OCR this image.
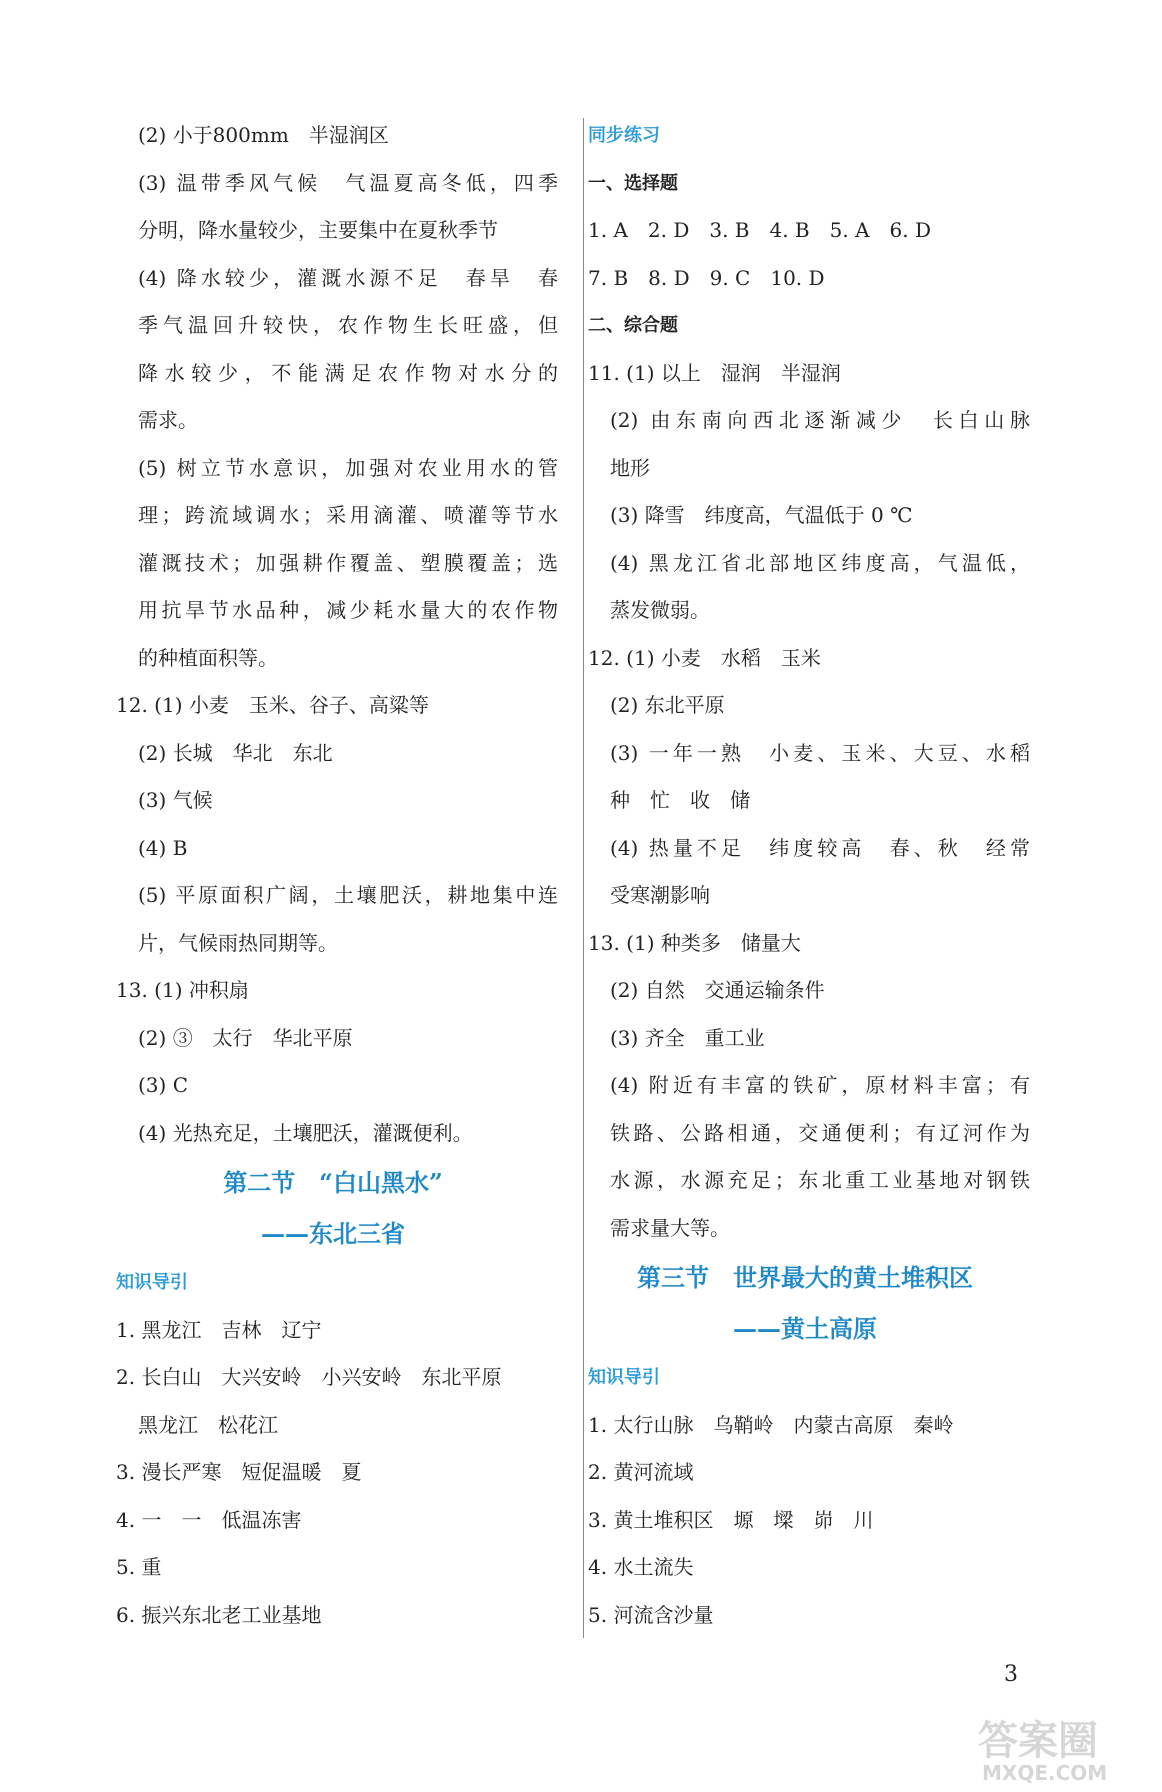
(2) 小于800mm　半湿润区
(3) 温带季风气候　气温夏高冬低，四季
分明，降水量较少，主要集中在夏秋季节
(4) 降水较少，灌溉水源不足　春旱　春
季气温回升较快，农作物生长旺盛，但
降水较少，不能满足农作物对水分的
需求。
(5) 树立节水意识，加强对农业用水的管
理；跨流域调水；采用滴灌、喷灌等节水
灌溉技术；加强耕作覆盖、塑膜覆盖；选
用抗旱节水品种，减少耗水量大的农作物
的种植面积等。
12. (1) 小麦　玉米、谷子、高粱等
(2) 长城　华北　东北
(3) 气候
(4) B
(5) 平原面积广阔，土壤肥沃，耕地集中连
片，气候雨热同期等。
13. (1) 冲积扇
(2) ③　太行　华北平原
(3) C
(4) 光热充足，土壤肥沃，灌溉便利。
第二节　“白山黑水”
——东北三省
知识导引
1. 黑龙江　吉林　辽宁
2. 长白山　大兴安岭　小兴安岭　东北平原
黑龙江　松花江
3. 漫长严寒　短促温暖　夏
4. 一　一　低温冻害
5. 重
6. 振兴东北老工业基地
同步练习
一、选择题
1. A　2. D　3. B　4. B　5. A　6. D
7. B　8. D　9. C　10. D
二、综合题
11. (1) 以上　湿润　半湿润
(2) 由东南向西北逐渐减少　长白山脉
地形
(3) 降雪　纬度高，气温低于 0 ℃
(4) 黑龙江省北部地区纬度高，气温低，
蒸发微弱。
12. (1) 小麦　水稻　玉米
(2) 东北平原
(3) 一年一熟　小麦、玉米、大豆、水稻
种　忙　收　储
(4) 热量不足　纬度较高　春、秋　经常
受寒潮影响
13. (1) 种类多　储量大
(2) 自然　交通运输条件
(3) 齐全　重工业
(4) 附近有丰富的铁矿，原材料丰富；有
铁路、公路相通，交通便利；有辽河作为
水源，水源充足；东北重工业基地对钢铁
需求量大等。
第三节　世界最大的黄土堆积区
——黄土高原
知识导引
1. 太行山脉　乌鞘岭　内蒙古高原　秦岭
2. 黄河流域
3. 黄土堆积区　塬　墚　峁　川
4. 水土流失
5. 河流含沙量
3
答案圈
MXQE.COM
